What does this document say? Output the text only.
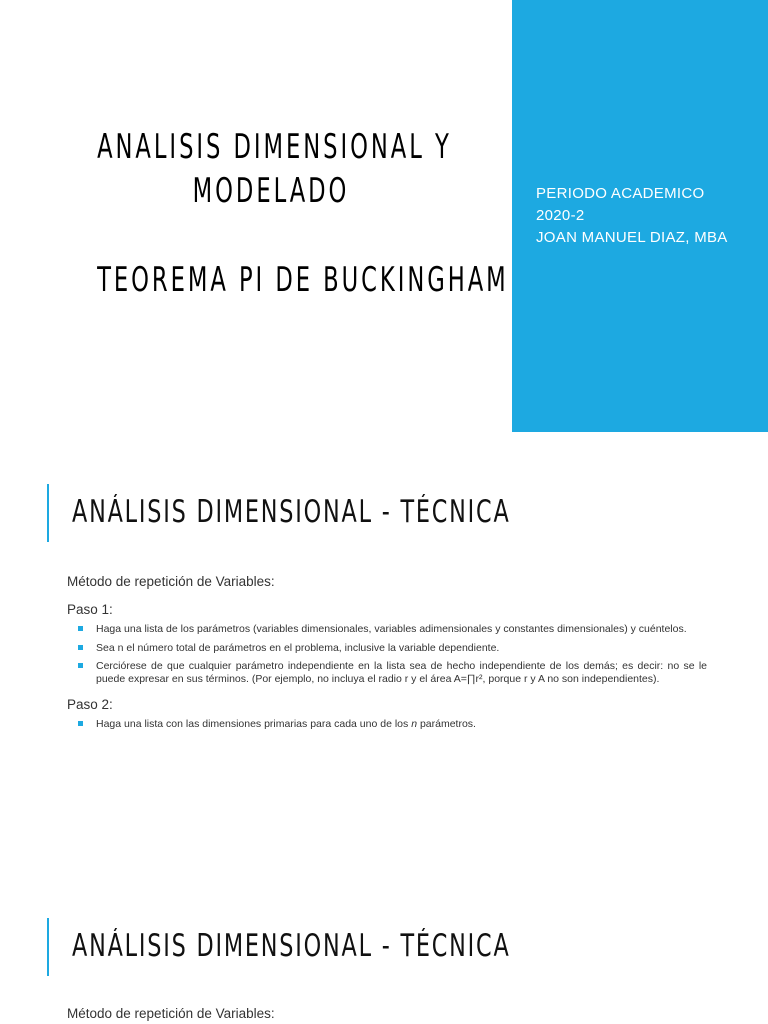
ANALISIS DIMENSIONAL Y
MODELADO
TEOREMA PI DE BUCKINGHAM
PERIODO ACADEMICO
2020-2
JOAN MANUEL DIAZ, MBA
ANÁLISIS DIMENSIONAL - TÉCNICA

Método de repetición de Variables:

Paso 1:

Haga una lista de los parámetros (variables dimensionales, variables adimensionales y constantes dimensionales) y cuéntelos.
Sea n el número total de parámetros en el problema, inclusive la variable dependiente.
Cerciórese de que cualquier parámetro independiente en la lista sea de hecho independiente de los demás; es decir: no se le puede expresar en sus términos. (Por ejemplo, no incluya el radio r y el área A=∏r², porque r y A no son independientes).

Paso 2:

Haga una lista con las dimensiones primarias para cada uno de los n parámetros.
ANÁLISIS DIMENSIONAL - TÉCNICA

Método de repetición de Variables:
